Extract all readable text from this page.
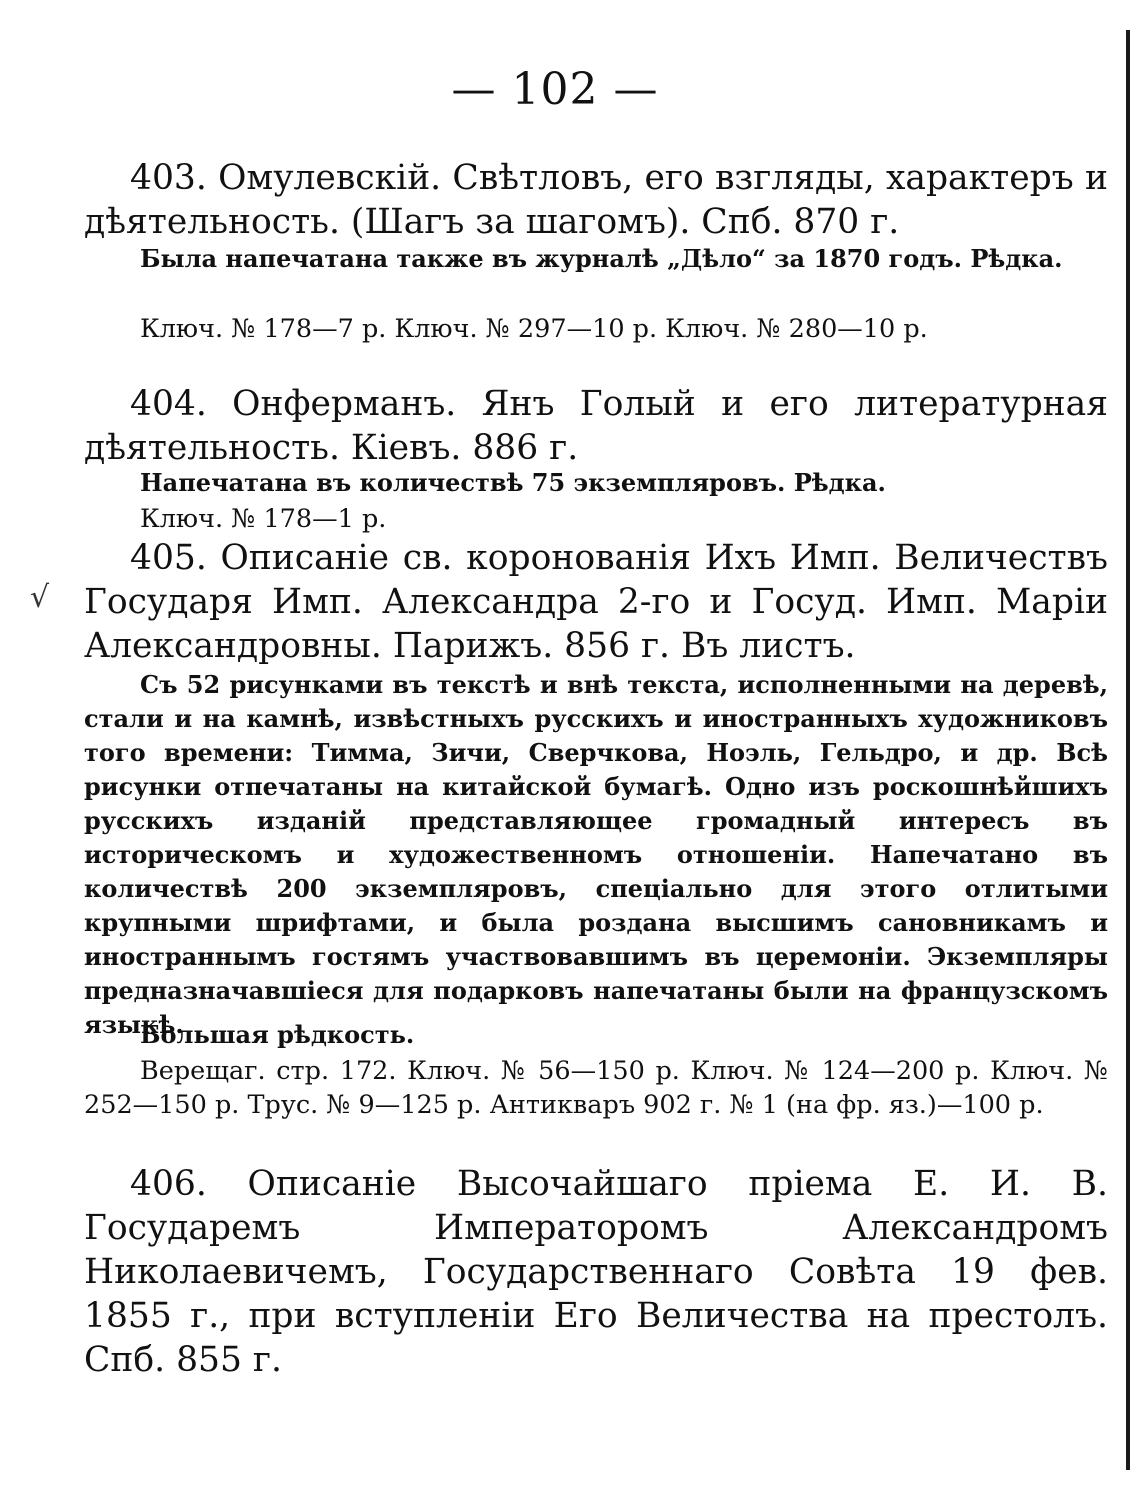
— 102 —
√

403. Омулевскiй. Свѣтловъ, его взгляды, характеръ и дѣятельность. (Шагъ за шагомъ). Спб. 870 г.

Была напечатана также въ журналѣ „Дѣло“ за 1870 годъ. Рѣдка.

Ключ. № 178—7 р. Ключ. № 297—10 р. Ключ. № 280—10 р.

404. Онферманъ. Янъ Голый и его литературная дѣятельность. Кiевъ. 886 г.

Напечатана въ количествѣ 75 экземпляровъ. Рѣдка.

Ключ. № 178—1 р.

405. Описанiе св. коронованiя Ихъ Имп. Величествъ Государя Имп. Александра 2-го и Госуд. Имп. Марiи Александровны. Парижъ. 856 г. Въ листъ.

Съ 52 рисунками въ текстѣ и внѣ текста, исполненными на деревѣ, стали и на камнѣ, извѣстныхъ русскихъ и иностранныхъ художниковъ того времени: Тимма, Зичи, Сверчкова, Ноэль, Гельдро, и др. Всѣ рисунки отпечатаны на китайской бумагѣ. Одно изъ роскошнѣйшихъ русскихъ изданiй представляющее громадный интересъ въ историческомъ и художественномъ отношенiи. Напечатано въ количествѣ 200 экземпляровъ, спецiально для этого отлитыми крупными шрифтами, и была роздана высшимъ сановникамъ и иностраннымъ гостямъ участвовавшимъ въ церемонiи. Экземпляры предназначавшiеся для подарковъ напечатаны были на французскомъ языкѣ.

Большая рѣдкость.

Верещаг. стр. 172. Ключ. № 56—150 р. Ключ. № 124—200 р. Ключ. № 252—150 р. Трус. № 9—125 р. Антикваръ 902 г. № 1 (на фр. яз.)—100 р.

406. Описанiе Высочайшаго прiема Е. И. В. Государемъ Императоромъ Александромъ Николаевичемъ, Государственнаго Совѣта 19 фев. 1855 г., при вступленiи Его Величества на престолъ. Спб. 855 г.
